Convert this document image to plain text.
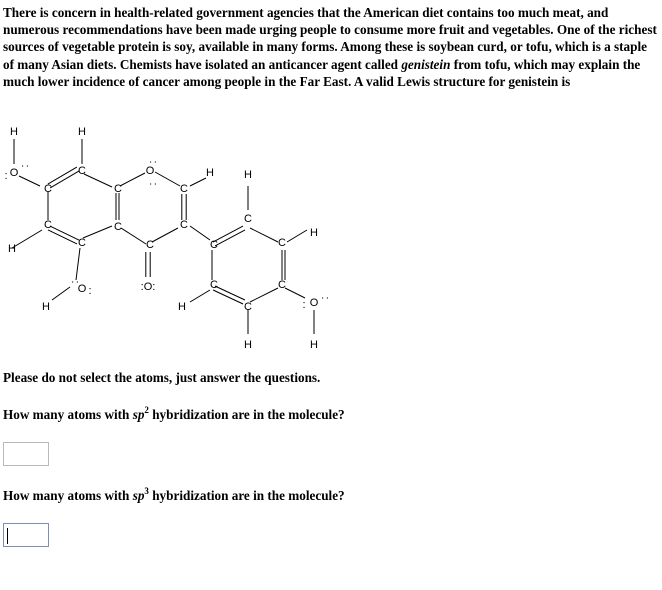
There is concern in health-related government agencies that the American diet contains too much meat, and numerous recommendations have been made urging people to consume more fruit and vegetables. One of the richest sources of vegetable protein is soy, available in many forms. Among these is soybean curd, or tofu, which is a staple of many Asian diets. Chemists have isolated an anticancer agent called genistein from tofu, which may explain the much lower incidence of cancer among people in the Far East. A valid Lewis structure for genistein is

H	H
O
:
:
C
C
C
C
C
C
H
O :
:
H
O
:
: C
C
C
:O:
H
C
C
C
C
C
C
H
H
H
H
O
:
:
H

Please do not select the atoms, just answer the questions.

How many atoms with $sp^2$ hybridization are in the molecule?

How many atoms with $sp^3$ hybridization are in the molecule?
